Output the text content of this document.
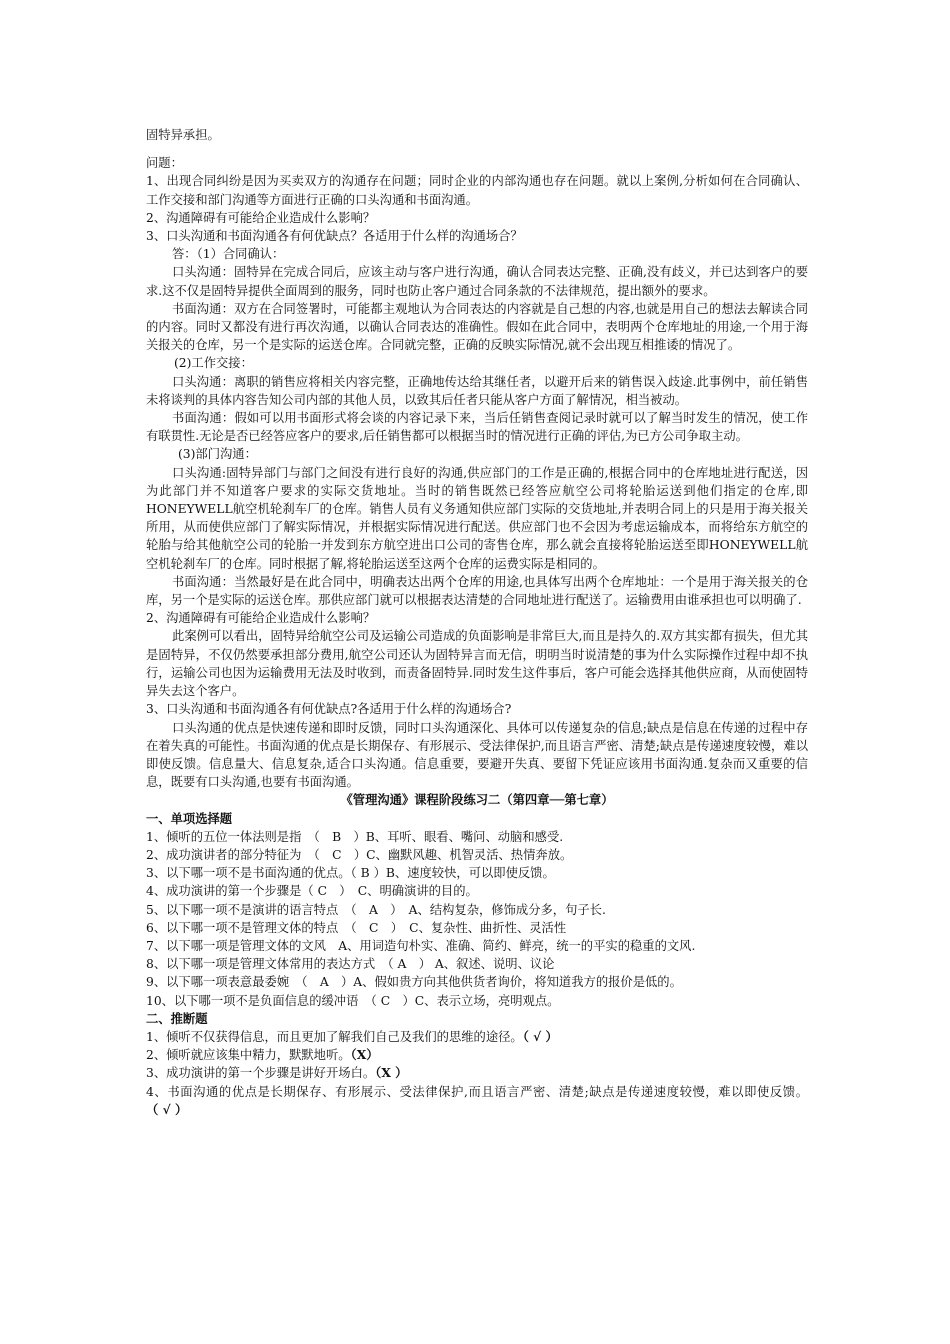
固特异承担。

问题：

1、出现合同纠纷是因为买卖双方的沟通存在问题；同时企业的内部沟通也存在问题。就以上案例,分析如何在合同确认、工作交接和部门沟通等方面进行正确的口头沟通和书面沟通。

2、沟通障碍有可能给企业造成什么影响？

3、口头沟通和书面沟通各有何优缺点？各适用于什么样的沟通场合？

答：（1）合同确认：

口头沟通：固特异在完成合同后，应该主动与客户进行沟通，确认合同表达完整、正确,没有歧义，并已达到客户的要求.这不仅是固特异提供全面周到的服务，同时也防止客户通过合同条款的不法律规范，提出额外的要求。

书面沟通：双方在合同签署时，可能都主观地认为合同表达的内容就是自己想的内容,也就是用自己的想法去解读合同的内容。同时又都没有进行再次沟通，以确认合同表达的准确性。假如在此合同中，表明两个仓库地址的用途,一个用于海关报关的仓库，另一个是实际的运送仓库。合同就完整，正确的反映实际情况,就不会出现互相推诿的情况了。

(2)工作交接：

口头沟通：离职的销售应将相关内容完整，正确地传达给其继任者，以避开后来的销售误入歧途.此事例中，前任销售未将谈判的具体内容告知公司内部的其他人员，以致其后任者只能从客户方面了解情况，相当被动。

书面沟通：假如可以用书面形式将会谈的内容记录下来，当后任销售查阅记录时就可以了解当时发生的情况，使工作有联贯性.无论是否已经答应客户的要求,后任销售都可以根据当时的情况进行正确的评估,为已方公司争取主动。

(3)部门沟通：

口头沟通:固特异部门与部门之间没有进行良好的沟通,供应部门的工作是正确的,根据合同中的仓库地址进行配送，因为此部门并不知道客户要求的实际交货地址。当时的销售既然已经答应航空公司将轮胎运送到他们指定的仓库,即HONEYWELL航空机轮刹车厂的仓库。销售人员有义务通知供应部门实际的交货地址,并表明合同上的只是用于海关报关所用，从而使供应部门了解实际情况，并根据实际情况进行配送。供应部门也不会因为考虑运输成本，而将给东方航空的轮胎与给其他航空公司的轮胎一并发到东方航空进出口公司的寄售仓库，那么就会直接将轮胎运送至即HONEYWELL航空机轮刹车厂的仓库。同时根据了解,将轮胎运送至这两个仓库的运费实际是相同的。

书面沟通：当然最好是在此合同中，明确表达出两个仓库的用途,也具体写出两个仓库地址：一个是用于海关报关的仓库，另一个是实际的运送仓库。那供应部门就可以根据表达清楚的合同地址进行配送了。运输费用由谁承担也可以明确了.

2、沟通障碍有可能给企业造成什么影响？

此案例可以看出，固特异给航空公司及运输公司造成的负面影响是非常巨大,而且是持久的.双方其实都有损失，但尤其是固特异，不仅仍然要承担部分费用,航空公司还认为固特异言而无信，明明当时说清楚的事为什么实际操作过程中却不执行，运输公司也因为运输费用无法及时收到，而责备固特异.同时发生这件事后，客户可能会选择其他供应商，从而使固特异失去这个客户。

3、口头沟通和书面沟通各有何优缺点?各适用于什么样的沟通场合?

口头沟通的优点是快速传递和即时反馈，同时口头沟通深化、具体可以传递复杂的信息;缺点是信息在传递的过程中存在着失真的可能性。书面沟通的优点是长期保存、有形展示、受法律保护,而且语言严密、清楚;缺点是传递速度较慢，难以即使反馈。信息量大、信息复杂,适合口头沟通。信息重要，要避开失真、要留下凭证应该用书面沟通.复杂而又重要的信息，既要有口头沟通,也要有书面沟通。

《管理沟通》课程阶段练习二（第四章──第七章）

一、单项选择题

1、倾听的五位一体法则是指　（　B　）B、耳听、眼看、嘴问、动脑和感受.

2、成功演讲者的部分特征为　（　C　）C、幽默风趣、机智灵活、热情奔放。

3、以下哪一项不是书面沟通的优点。（ B ）B、速度较快，可以即使反馈。

4、成功演讲的第一个步骤是（ C　）　C、明确演讲的目的。

5、以下哪一项不是演讲的语言特点　（　A　）　A、结构复杂，修饰成分多，句子长.

6、以下哪一项不是管理文体的特点　（　C　）　C、复杂性、曲折性、灵活性

7、以下哪一项是管理文体的文风　A、用词造句朴实、准确、简约、鲜亮，统一的平实的稳重的文风.

8、以下哪一项是管理文体常用的表达方式　（ A　） A、叙述、说明、议论

9、以下哪一项表意最委婉　（　A　）A、假如贵方向其他供货者询价，将知道我方的报价是低的。

10、以下哪一项不是负面信息的缓冲语　（ C　）C、表示立场，亮明观点。

二、推断题

1、倾听不仅获得信息，而且更加了解我们自己及我们的思维的途径。（ √ ）

2、倾听就应该集中精力，默默地听。（X）

3、成功演讲的第一个步骤是讲好开场白。（X ）

4、书面沟通的优点是长期保存、有形展示、受法律保护,而且语言严密、清楚;缺点是传递速度较慢，难以即使反馈。（ √ ）
